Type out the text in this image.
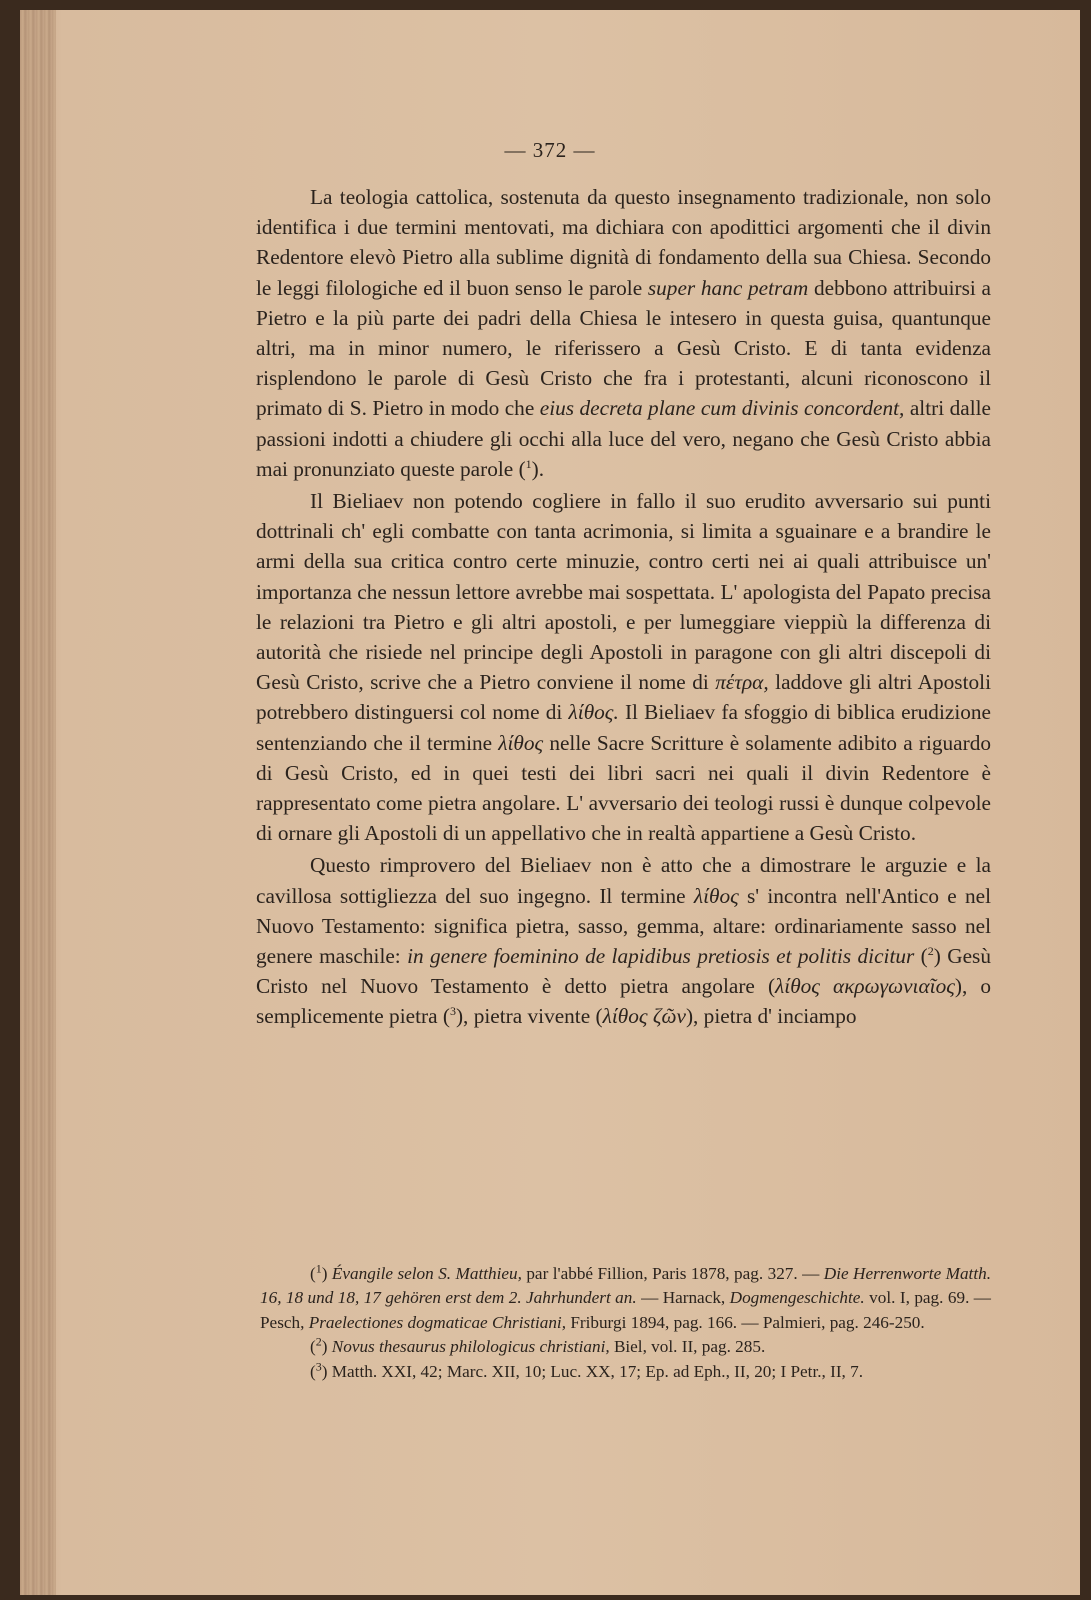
— 372 —

La teologia cattolica, sostenuta da questo insegnamento tradizionale, non solo identifica i due termini mentovati, ma dichiara con apodittici argomenti che il divin Redentore elevò Pietro alla sublime dignità di fondamento della sua Chiesa. Secondo le leggi filologiche ed il buon senso le parole super hanc petram debbono attribuirsi a Pietro e la più parte dei padri della Chiesa le intesero in questa guisa, quantunque altri, ma in minor numero, le riferissero a Gesù Cristo. E di tanta evidenza risplendono le parole di Gesù Cristo che fra i protestanti, alcuni riconoscono il primato di S. Pietro in modo che eius decreta plane cum divinis concordent, altri dalle passioni indotti a chiudere gli occhi alla luce del vero, negano che Gesù Cristo abbia mai pronunziato queste parole ($^1$).

Il Bieliaev non potendo cogliere in fallo il suo erudito avversario sui punti dottrinali ch' egli combatte con tanta acrimonia, si limita a sguainare e a brandire le armi della sua critica contro certe minuzie, contro certi nei ai quali attribuisce un' importanza che nessun lettore avrebbe mai sospettata. L' apologista del Papato precisa le relazioni tra Pietro e gli altri apostoli, e per lumeggiare vieppiù la differenza di autorità che risiede nel principe degli Apostoli in paragone con gli altri discepoli di Gesù Cristo, scrive che a Pietro conviene il nome di πέτρα, laddove gli altri Apostoli potrebbero distinguersi col nome di λίθος. Il Bieliaev fa sfoggio di biblica erudizione sentenziando che il termine λίθος nelle Sacre Scritture è solamente adibito a riguardo di Gesù Cristo, ed in quei testi dei libri sacri nei quali il divin Redentore è rappresentato come pietra angolare. L' avversario dei teologi russi è dunque colpevole di ornare gli Apostoli di un appellativo che in realtà appartiene a Gesù Cristo.

Questo rimprovero del Bieliaev non è atto che a dimostrare le arguzie e la cavillosa sottigliezza del suo ingegno. Il termine λίθος s' incontra nell'Antico e nel Nuovo Testamento: significa pietra, sasso, gemma, altare: ordinariamente sasso nel genere maschile: in genere foeminino de lapidibus pretiosis et politis dicitur ($^2$) Gesù Cristo nel Nuovo Testamento è detto pietra angolare (λίθος ακρωγωνιαῖος), o semplicemente pietra ($^3$), pietra vivente (λίθος ζῶν), pietra d' inciampo

($^1$) Évangile selon S. Matthieu, par l'abbé Fillion, Paris 1878, pag. 327. — Die Herrenworte Matth. 16, 18 und 18, 17 gehören erst dem 2. Jahrhundert an. — Harnack, Dogmengeschichte. vol. I, pag. 69. — Pesch, Praelectiones dogmaticae Christiani, Friburgi 1894, pag. 166. — Palmieri, pag. 246-250.

($^2$) Novus thesaurus philologicus christiani, Biel, vol. II, pag. 285.

($^3$) Matth. XXI, 42; Marc. XII, 10; Luc. XX, 17; Ep. ad Eph., II, 20; I Petr., II, 7.
